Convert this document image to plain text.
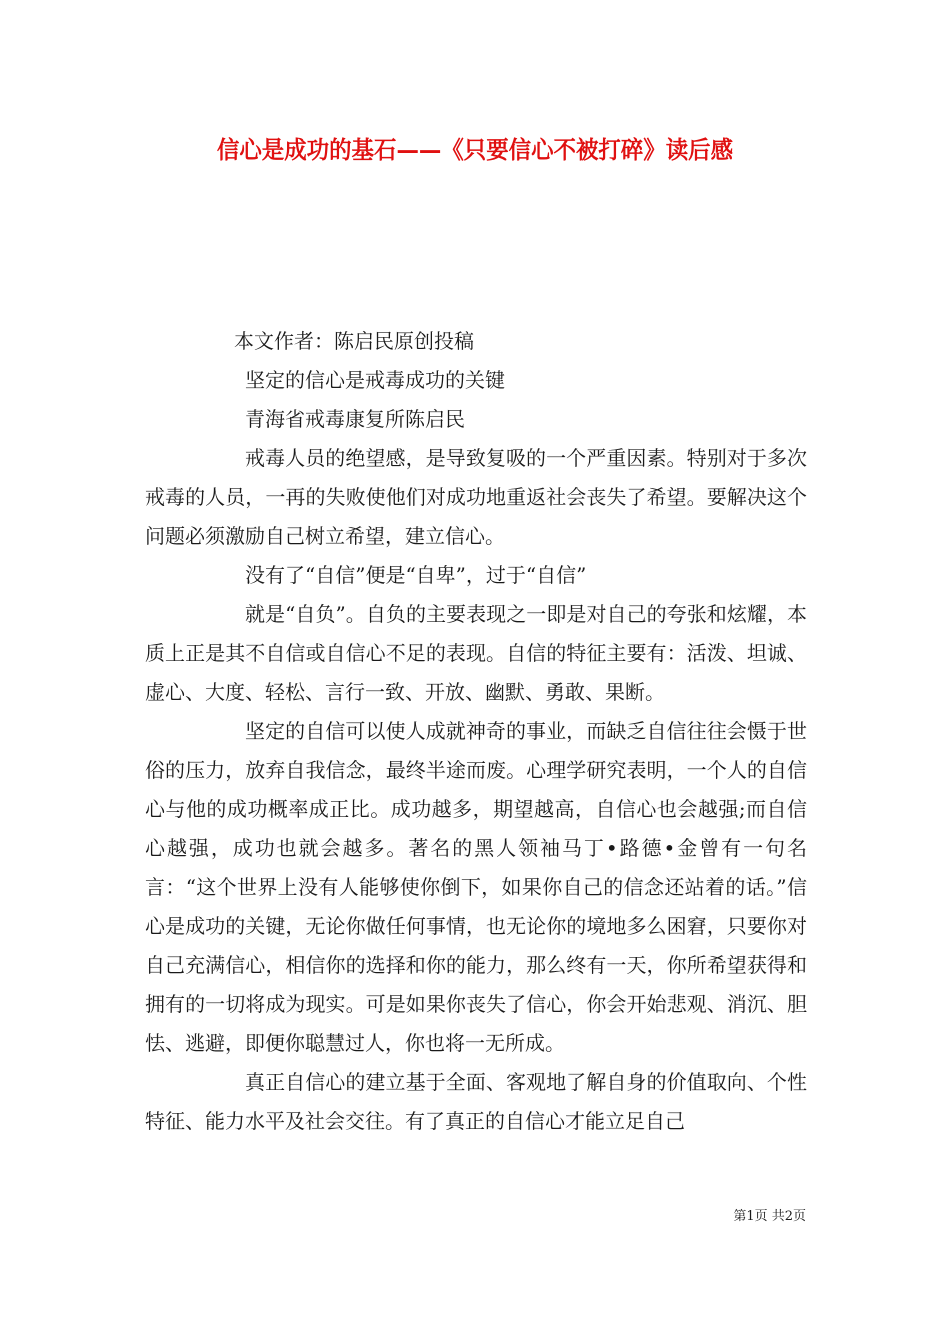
信心是成功的基石——《只要信心不被打碎》读后感

本文作者：陈启民原创投稿

坚定的信心是戒毒成功的关键

青海省戒毒康复所陈启民

戒毒人员的绝望感，是导致复吸的一个严重因素。特别对于多次戒毒的人员，一再的失败使他们对成功地重返社会丧失了希望。要解决这个问题必须激励自己树立希望，建立信心。

没有了“自信”便是“自卑”，过于“自信”

就是“自负”。自负的主要表现之一即是对自己的夸张和炫耀，本质上正是其不自信或自信心不足的表现。自信的特征主要有：活泼、坦诚、虚心、大度、轻松、言行一致、开放、幽默、勇敢、果断。

坚定的自信可以使人成就神奇的事业，而缺乏自信往往会慑于世俗的压力，放弃自我信念，最终半途而废。心理学研究表明，一个人的自信心与他的成功概率成正比。成功越多，期望越高，自信心也会越强;而自信心越强，成功也就会越多。著名的黑人领袖马丁•路德•金曾有一句名言：“这个世界上没有人能够使你倒下，如果你自己的信念还站着的话。”信心是成功的关键，无论你做任何事情，也无论你的境地多么困窘，只要你对自己充满信心，相信你的选择和你的能力，那么终有一天，你所希望获得和拥有的一切将成为现实。可是如果你丧失了信心，你会开始悲观、消沉、胆怯、逃避，即便你聪慧过人，你也将一无所成。

真正自信心的建立基于全面、客观地了解自身的价值取向、个性特征、能力水平及社会交往。有了真正的自信心才能立足自己

第1页 共2页
